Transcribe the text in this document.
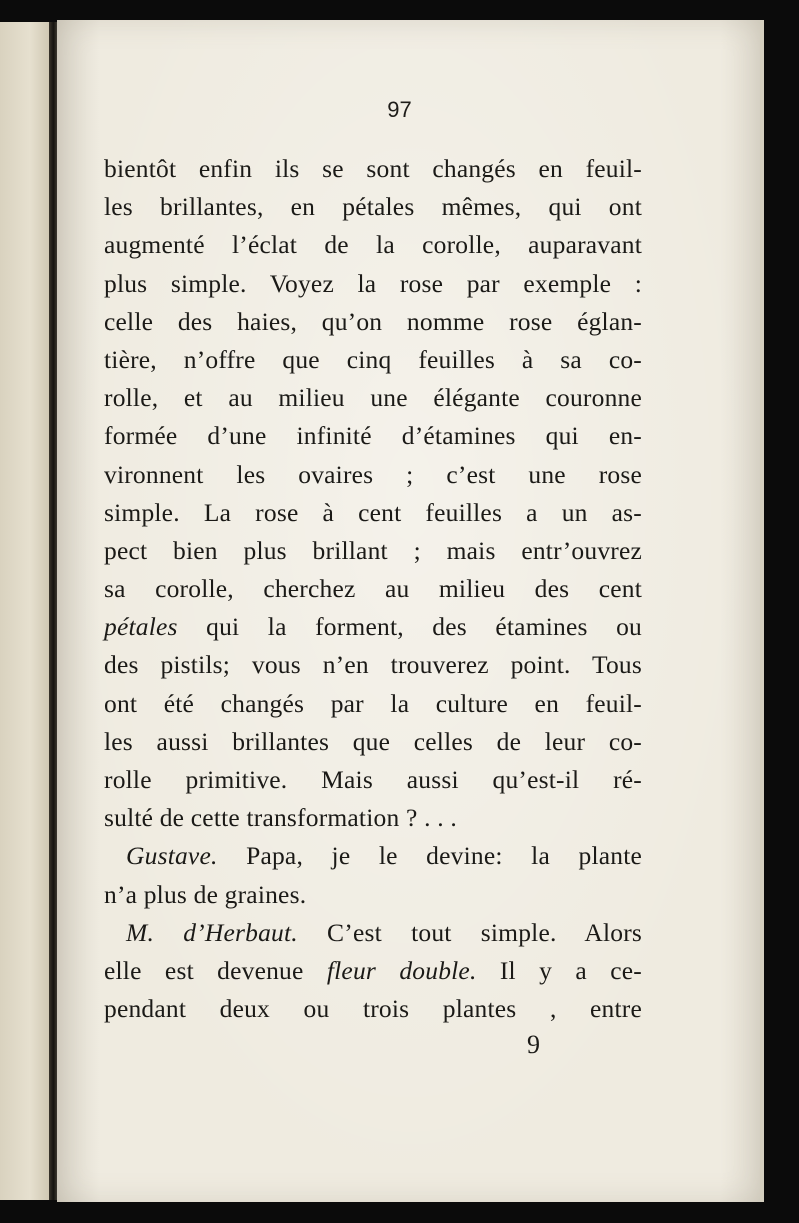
97

bientôt enfin ils se sont changés en feuil-
les brillantes, en pétales mêmes, qui ont
augmenté l’éclat de la corolle, auparavant
plus simple. Voyez la rose par exemple :
celle des haies, qu’on nomme rose églan-
tière, n’offre que cinq feuilles à sa co-
rolle, et au milieu une élégante couronne
formée d’une infinité d’étamines qui en-
vironnent les ovaires ; c’est une rose
simple. La rose à cent feuilles a un as-
pect bien plus brillant ; mais entr’ouvrez
sa corolle, cherchez au milieu des cent
pétales qui la forment, des étamines ou
des pistils; vous n’en trouverez point. Tous
ont été changés par la culture en feuil-
les aussi brillantes que celles de leur co-
rolle primitive. Mais aussi qu’est-il ré-
sulté de cette transformation ? . . .
Gustave. Papa, je le devine: la plante
n’a plus de graines.
M. d’Herbaut. C’est tout simple. Alors
elle est devenue fleur double. Il y a ce-
pendant deux ou trois plantes , entre

9
